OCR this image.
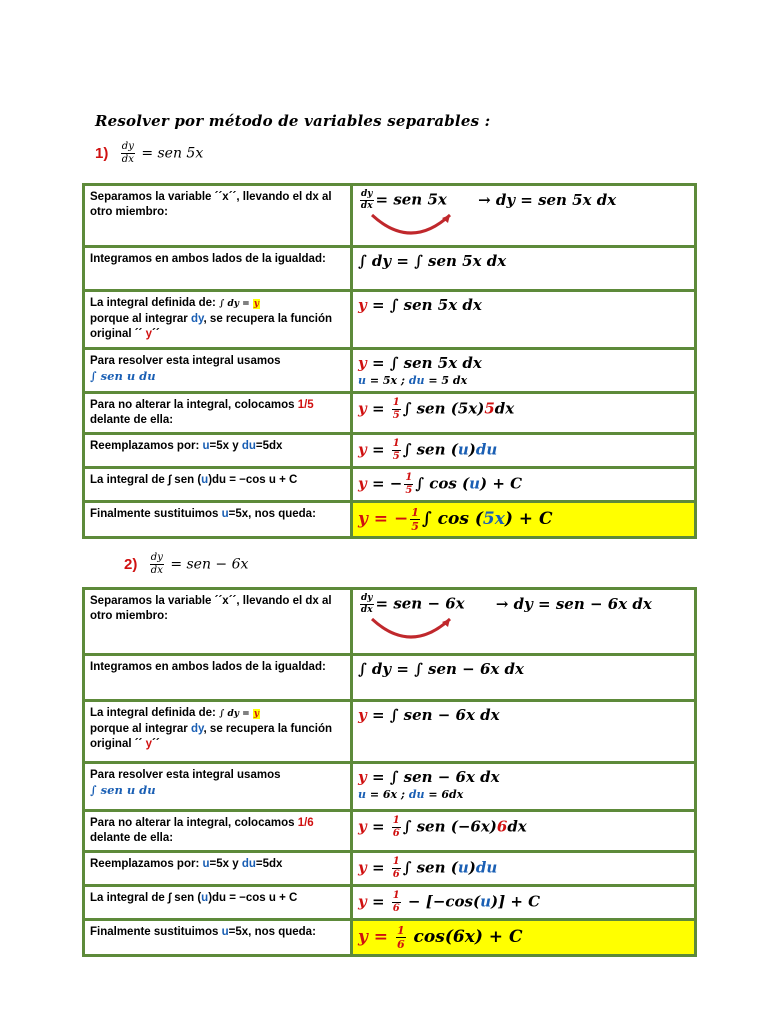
Resolver por método de variables separables :
$1) \frac{dy}{dx}$ = sen 5x
Separamos la variable ´´x´´, llevando el dx al otro miembro:	$\frac{dy}{dx}$ = sen 5x → dy = sen 5x dx

Integramos en ambos lados de la igualdad:	∫ dy = ∫ sen 5x dx
La integral definida de: ∫ dy = y
porque al integrar dy, se recupera la función original ´´ y´´	y = ∫ sen 5x dx
Para resolver esta integral usamos
∫ sen u du	y = ∫ sen 5x dx
u = 5x ; du = 5 dx

Para no alterar la integral, colocamos 1/5 delante de ella:	$y = \frac{1}{5}$ ∫ sen (5x)5dx
Reemplazamos por: u=5x y du=5dx	$y = \frac{1}{5}$ ∫ sen (u)du
La integral de ∫ sen (u)du = −cos u + C	y = − $\frac{1}{5}$ ∫ cos (u) + C
Finalmente sustituimos u=5x, nos queda:	y = − $\frac{1}{5}$ ∫ cos (5x) + C
$2) \frac{dy}{dx}$ = sen − 6x
Separamos la variable ´´x´´, llevando el dx al otro miembro:	$\frac{dy}{dx}$ = sen − 6x → dy = sen − 6x dx

Integramos en ambos lados de la igualdad:	∫ dy = ∫ sen − 6x dx
La integral definida de: ∫ dy = y
porque al integrar dy, se recupera la función original ´´ y´´	y = ∫ sen − 6x dx
Para resolver esta integral usamos
∫ sen u du	y = ∫ sen − 6x dx
u = 6x ; du = 6dx

Para no alterar la integral, colocamos 1/6 delante de ella:	$y = \frac{1}{6}$ ∫ sen (−6x)6dx
Reemplazamos por: u=5x y du=5dx	$y = \frac{1}{6}$ ∫ sen (u)du
La integral de ∫ sen (u)du = −cos u + C	$y = \frac{1}{6} - [-\cos(u)] + C$
Finalmente sustituimos u=5x, nos queda:	$y = \frac{1}{6} \cos(6x) + C$
